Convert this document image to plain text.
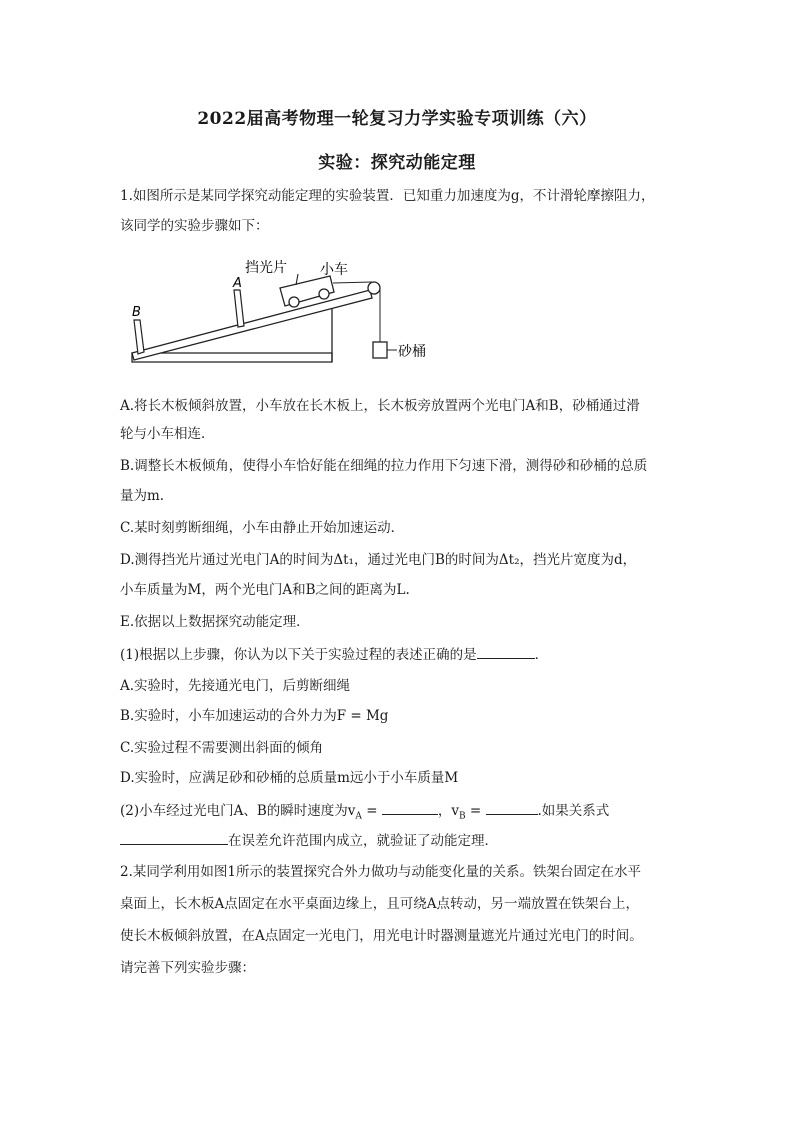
2022届高考物理一轮复习力学实验专项训练（六）
实验：探究动能定理
1.如图所示是某同学探究动能定理的实验装置．已知重力加速度为g，不计滑轮摩擦阻力，
该同学的实验步骤如下：
B
A
挡光片 小车
砂桶
A.将长木板倾斜放置，小车放在长木板上，长木板旁放置两个光电门A和B，砂桶通过滑
轮与小车相连．
B.调整长木板倾角，使得小车恰好能在细绳的拉力作用下匀速下滑，测得砂和砂桶的总质
量为m.
C.某时刻剪断细绳，小车由静止开始加速运动．
D.测得挡光片通过光电门A的时间为Δt₁，通过光电门B的时间为Δt₂，挡光片宽度为d，
小车质量为M，两个光电门A和B之间的距离为L.
E.依据以上数据探究动能定理．
(1)根据以上步骤，你认为以下关于实验过程的表述正确的是	．
A.实验时，先接通光电门，后剪断细绳
B.实验时，小车加速运动的合外力为F = Mg
C.实验过程不需要测出斜面的倾角
D.实验时，应满足砂和砂桶的总质量m远小于小车质量M
(2)小车经过光电门A、B的瞬时速度为$v_A$ =	，$v_B$ =	.如果关系式
在误差允许范围内成立，就验证了动能定理．
2.某同学利用如图1所示的装置探究合外力做功与动能变化量的关系。铁架台固定在水平
桌面上，长木板A点固定在水平桌面边缘上，且可绕A点转动，另一端放置在铁架台上，
使长木板倾斜放置，在A点固定一光电门，用光电计时器测量遮光片通过光电门的时间。
请完善下列实验步骤：
